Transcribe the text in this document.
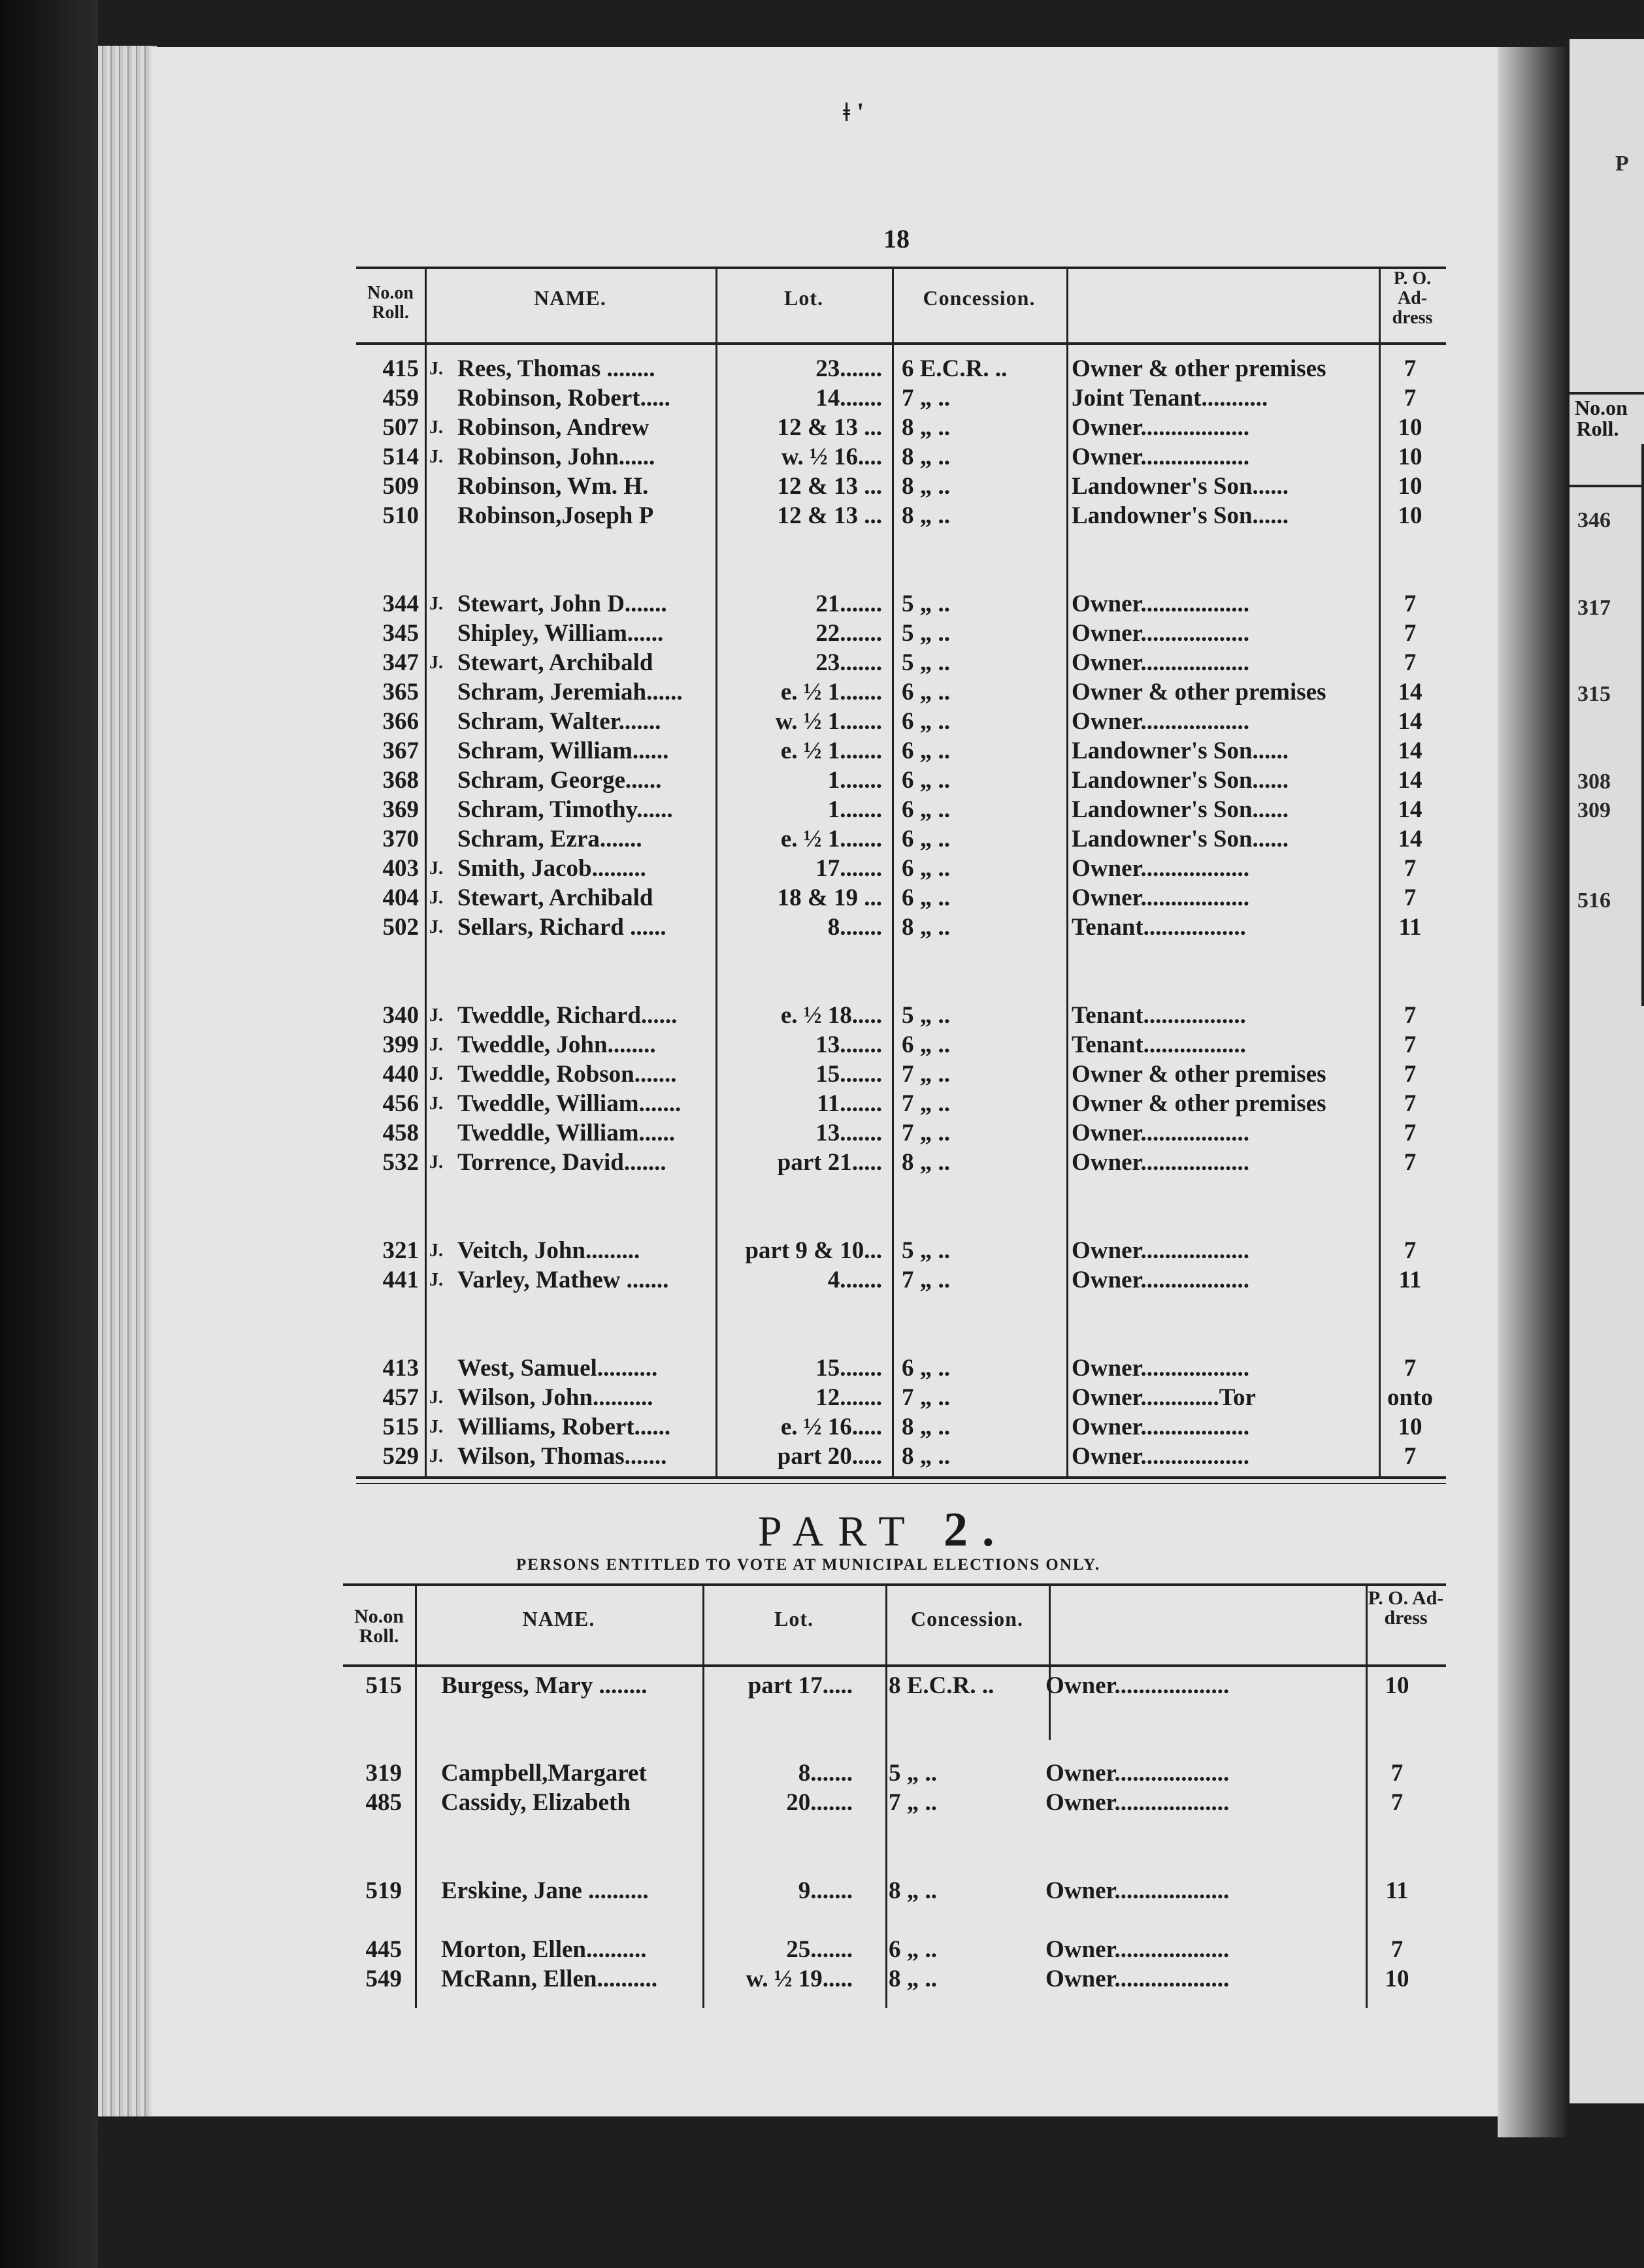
P
No.on Roll.
346
317
315
308
309
516
ǂ '
18
No.on Roll.
NAME.	Lot.	Concession.
P. O. Ad- dress
415 J. Rees, Thomas ........	23....... 6 E.C.R. ..	Owner & other premises	7
459 Robinson, Robert.....	14....... 7 „ ..	Joint Tenant...........	7
507 J. Robinson, Andrew	12 & 13 ... 8 „ ..	Owner..................	10
514 J. Robinson, John......	w. ½ 16.... 8 „ ..	Owner..................	10
509 Robinson, Wm. H.	12 & 13 ... 8 „ ..	Landowner's Son......	10
510 Robinson,Joseph P	12 & 13 ... 8 „ ..	Landowner's Son......	10
344 J. Stewart, John D.......	21....... 5 „ ..	Owner..................	7
345 Shipley, William......	22....... 5 „ ..	Owner..................	7
347 J. Stewart, Archibald	23....... 5 „ ..	Owner..................	7
365 Schram, Jeremiah......	e. ½ 1....... 6 „ ..	Owner & other premises	14
366 Schram, Walter.......	w. ½ 1....... 6 „ ..	Owner..................	14
367 Schram, William......	e. ½ 1....... 6 „ ..	Landowner's Son......	14
368 Schram, George......	1....... 6 „ ..	Landowner's Son......	14
369 Schram, Timothy......	1....... 6 „ ..	Landowner's Son......	14
370 Schram, Ezra.......	e. ½ 1....... 6 „ ..	Landowner's Son......	14
403 J. Smith, Jacob.........	17....... 6 „ ..	Owner..................	7
404 J. Stewart, Archibald	18 & 19 ... 6 „ ..	Owner..................	7
502 J. Sellars, Richard ......	8....... 8 „ ..	Tenant.................	11
340 J. Tweddle, Richard......	e. ½ 18..... 5 „ ..	Tenant.................	7
399 J. Tweddle, John........	13....... 6 „ ..	Tenant.................	7
440 J. Tweddle, Robson.......	15....... 7 „ ..	Owner & other premises	7
456 J. Tweddle, William.......	11....... 7 „ ..	Owner & other premises	7
458 Tweddle, William......	13....... 7 „ ..	Owner..................	7
532 J. Torrence, David.......	part 21..... 8 „ ..	Owner..................	7
321 J. Veitch, John.........	part 9 & 10... 5 „ ..	Owner..................	7
441 J. Varley, Mathew .......	4....... 7 „ ..	Owner..................	11
413 West, Samuel..........	15....... 6 „ ..	Owner..................	7
457 J. Wilson, John..........	12....... 7 „ ..	Owner.............Tor	onto
515 J. Williams, Robert......	e. ½ 16..... 8 „ ..	Owner..................	10
529 J. Wilson, Thomas.......	part 20..... 8 „ ..	Owner..................	7
PART 2.
PERSONS ENTITLED TO VOTE AT MUNICIPAL ELECTIONS ONLY.
No.on Roll.
NAME.	Lot.	Concession.
P. O. Ad- dress
515 Burgess, Mary ........	part 17..... 8 E.C.R. .. Owner...................	10
319 Campbell,Margaret	8....... 5 „ ..	Owner...................	7
485 Cassidy, Elizabeth	20....... 7 „ ..	Owner...................	7
519 Erskine, Jane ..........	9....... 8 „ ..	Owner...................	11
445 Morton, Ellen..........	25....... 6 „ ..	Owner...................	7
549 McRann, Ellen..........	w. ½ 19..... 8 „ ..	Owner...................	10
